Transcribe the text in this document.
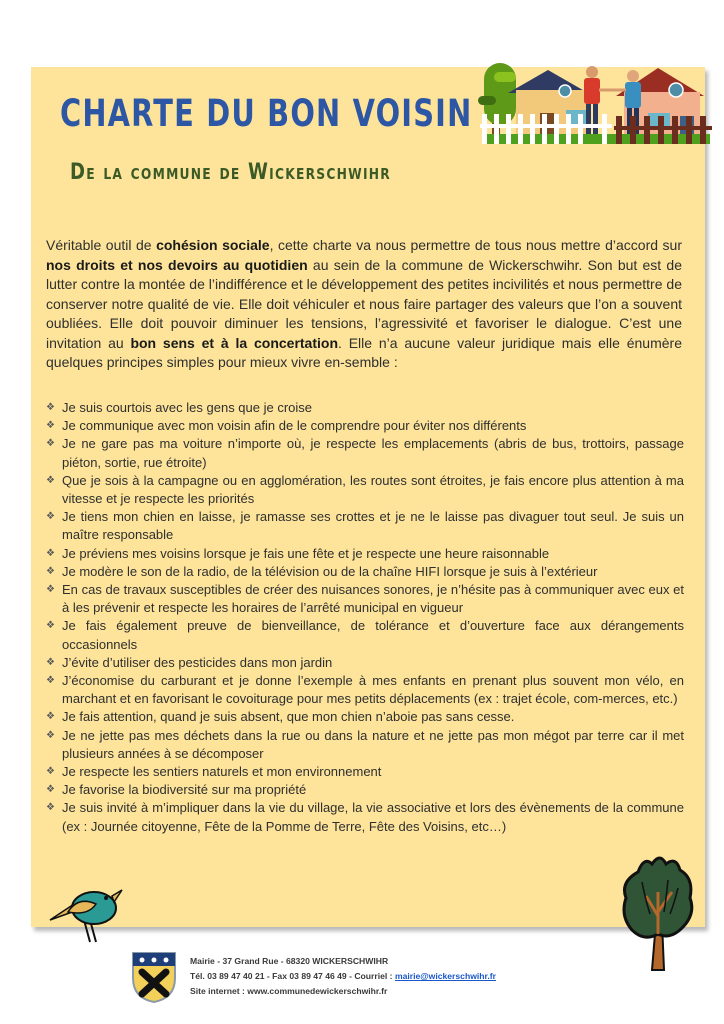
CHARTE DU BON VOISIN
De la commune de Wickerschwihr
Véritable outil de cohésion sociale, cette charte va nous permettre de tous nous mettre d’accord sur nos droits et nos devoirs au quotidien au sein de la commune de Wickerschwihr. Son but est de lutter contre la montée de l’indifférence et le développement des petites incivilités et nous permettre de conserver notre qualité de vie. Elle doit véhiculer et nous faire partager des valeurs que l’on a souvent oubliées. Elle doit pouvoir diminuer les tensions, l’agressivité et favoriser le dialogue. C’est une invitation au bon sens et à la concertation. Elle n’a aucune valeur juridique mais elle énumère quelques principes simples pour mieux vivre en-semble :
❖ Je suis courtois avec les gens que je croise
❖ Je communique avec mon voisin afin de le comprendre pour éviter nos différents
❖ Je ne gare pas ma voiture n’importe où, je respecte les emplacements (abris de bus, trottoirs, passage piéton, sortie, rue étroite)
❖ Que je sois à la campagne ou en agglomération, les routes sont étroites, je fais encore plus attention à ma vitesse et je respecte les priorités
❖ Je tiens mon chien en laisse, je ramasse ses crottes et je ne le laisse pas divaguer tout seul. Je suis un maître responsable
❖ Je préviens mes voisins lorsque je fais une fête et je respecte une heure raisonnable
❖ Je modère le son de la radio, de la télévision ou de la chaîne HIFI lorsque je suis à l’extérieur
❖ En cas de travaux susceptibles de créer des nuisances sonores, je n’hésite pas à communiquer avec eux et à les prévenir et respecte les horaires de l’arrêté municipal en vigueur
❖ Je fais également preuve de bienveillance, de tolérance et d’ouverture face aux dérangements occasionnels
❖ J’évite d’utiliser des pesticides dans mon jardin
❖ J’économise du carburant et je donne l’exemple à mes enfants en prenant plus souvent mon vélo, en marchant et en favorisant le covoiturage pour mes petits déplacements (ex : trajet école, com-merces, etc.)
❖ Je fais attention, quand je suis absent, que mon chien n’aboie pas sans cesse.
❖ Je ne jette pas mes déchets dans la rue ou dans la nature et ne jette pas mon mégot par terre car il met plusieurs années à se décomposer
❖ Je respecte les sentiers naturels et mon environnement
❖ Je favorise la biodiversité sur ma propriété
❖ Je suis invité à m’impliquer dans la vie du village, la vie associative et lors des évènements de la commune (ex : Journée citoyenne, Fête de la Pomme de Terre, Fête des Voisins, etc…)
Mairie - 37 Grand Rue - 68320 WICKERSCHWIHR
Tél. 03 89 47 40 21 - Fax 03 89 47 46 49 - Courriel : mairie@wickerschwihr.fr
Site internet : www.communedewickerschwihr.fr
